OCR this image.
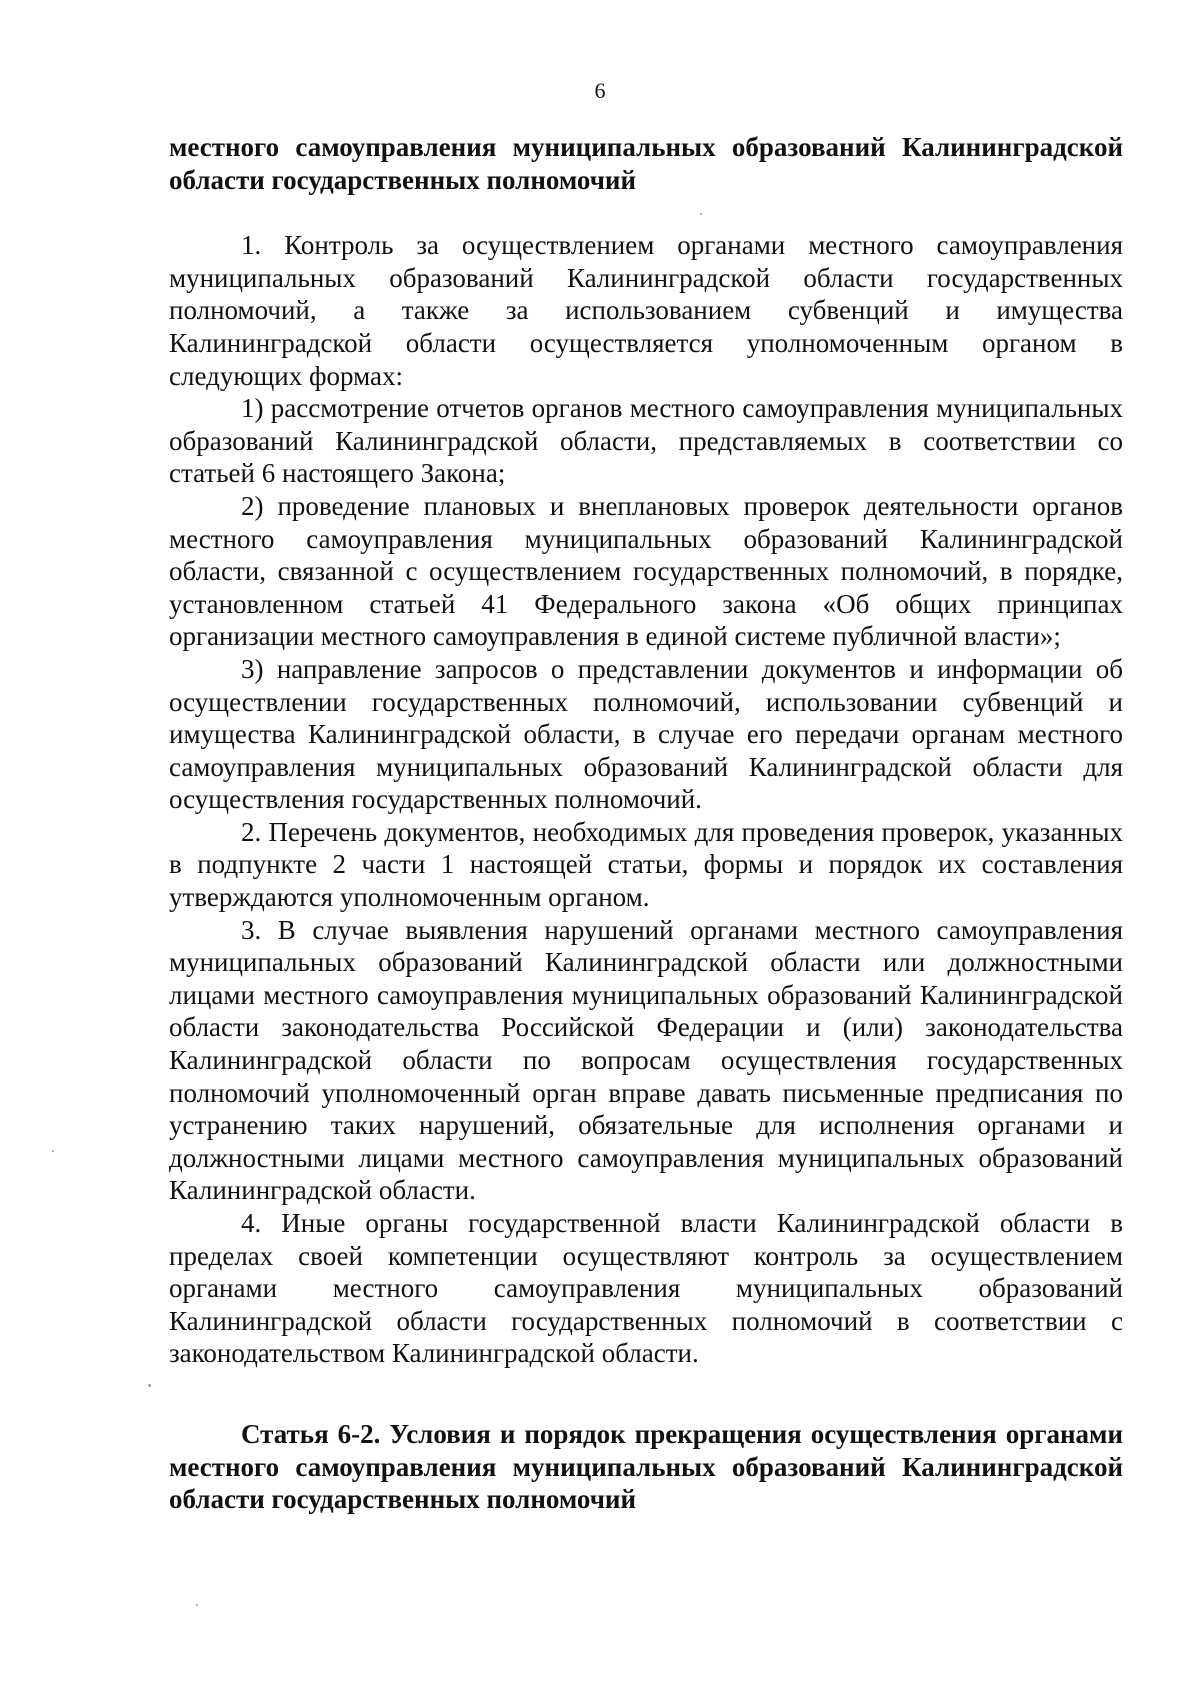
6

местного самоуправления муниципальных образований Калининградской области государственных полномочий

1. Контроль за осуществлением органами местного самоуправления муниципальных образований Калининградской области государственных полномочий, а также за использованием субвенций и имущества Калининградской области осуществляется уполномоченным органом в следующих формах:

1) рассмотрение отчетов органов местного самоуправления муниципальных образований Калининградской области, представляемых в соответствии со статьей 6 настоящего Закона;

2) проведение плановых и внеплановых проверок деятельности органов местного самоуправления муниципальных образований Калининградской области, связанной с осуществлением государственных полномочий, в порядке, установленном статьей 41 Федерального закона «Об общих принципах организации местного самоуправления в единой системе публичной власти»;

3) направление запросов о представлении документов и информации об осуществлении государственных полномочий, использовании субвенций и имущества Калининградской области, в случае его передачи органам местного самоуправления муниципальных образований Калининградской области для осуществления государственных полномочий.

2. Перечень документов, необходимых для проведения проверок, указанных в подпункте 2 части 1 настоящей статьи, формы и порядок их составления утверждаются уполномоченным органом.

3. В случае выявления нарушений органами местного самоуправления муниципальных образований Калининградской области или должностными лицами местного самоуправления муниципальных образований Калининградской области законодательства Российской Федерации и (или) законодательства Калининградской области по вопросам осуществления государственных полномочий уполномоченный орган вправе давать письменные предписания по устранению таких нарушений, обязательные для исполнения органами и должностными лицами местного самоуправления муниципальных образований Калининградской области.

4. Иные органы государственной власти Калининградской области в пределах своей компетенции осуществляют контроль за осуществлением органами местного самоуправления муниципальных образований Калининградской области государственных полномочий в соответствии с законодательством Калининградской области.

Статья 6-2. Условия и порядок прекращения осуществления органами местного самоуправления муниципальных образований Калининградской области государственных полномочий
